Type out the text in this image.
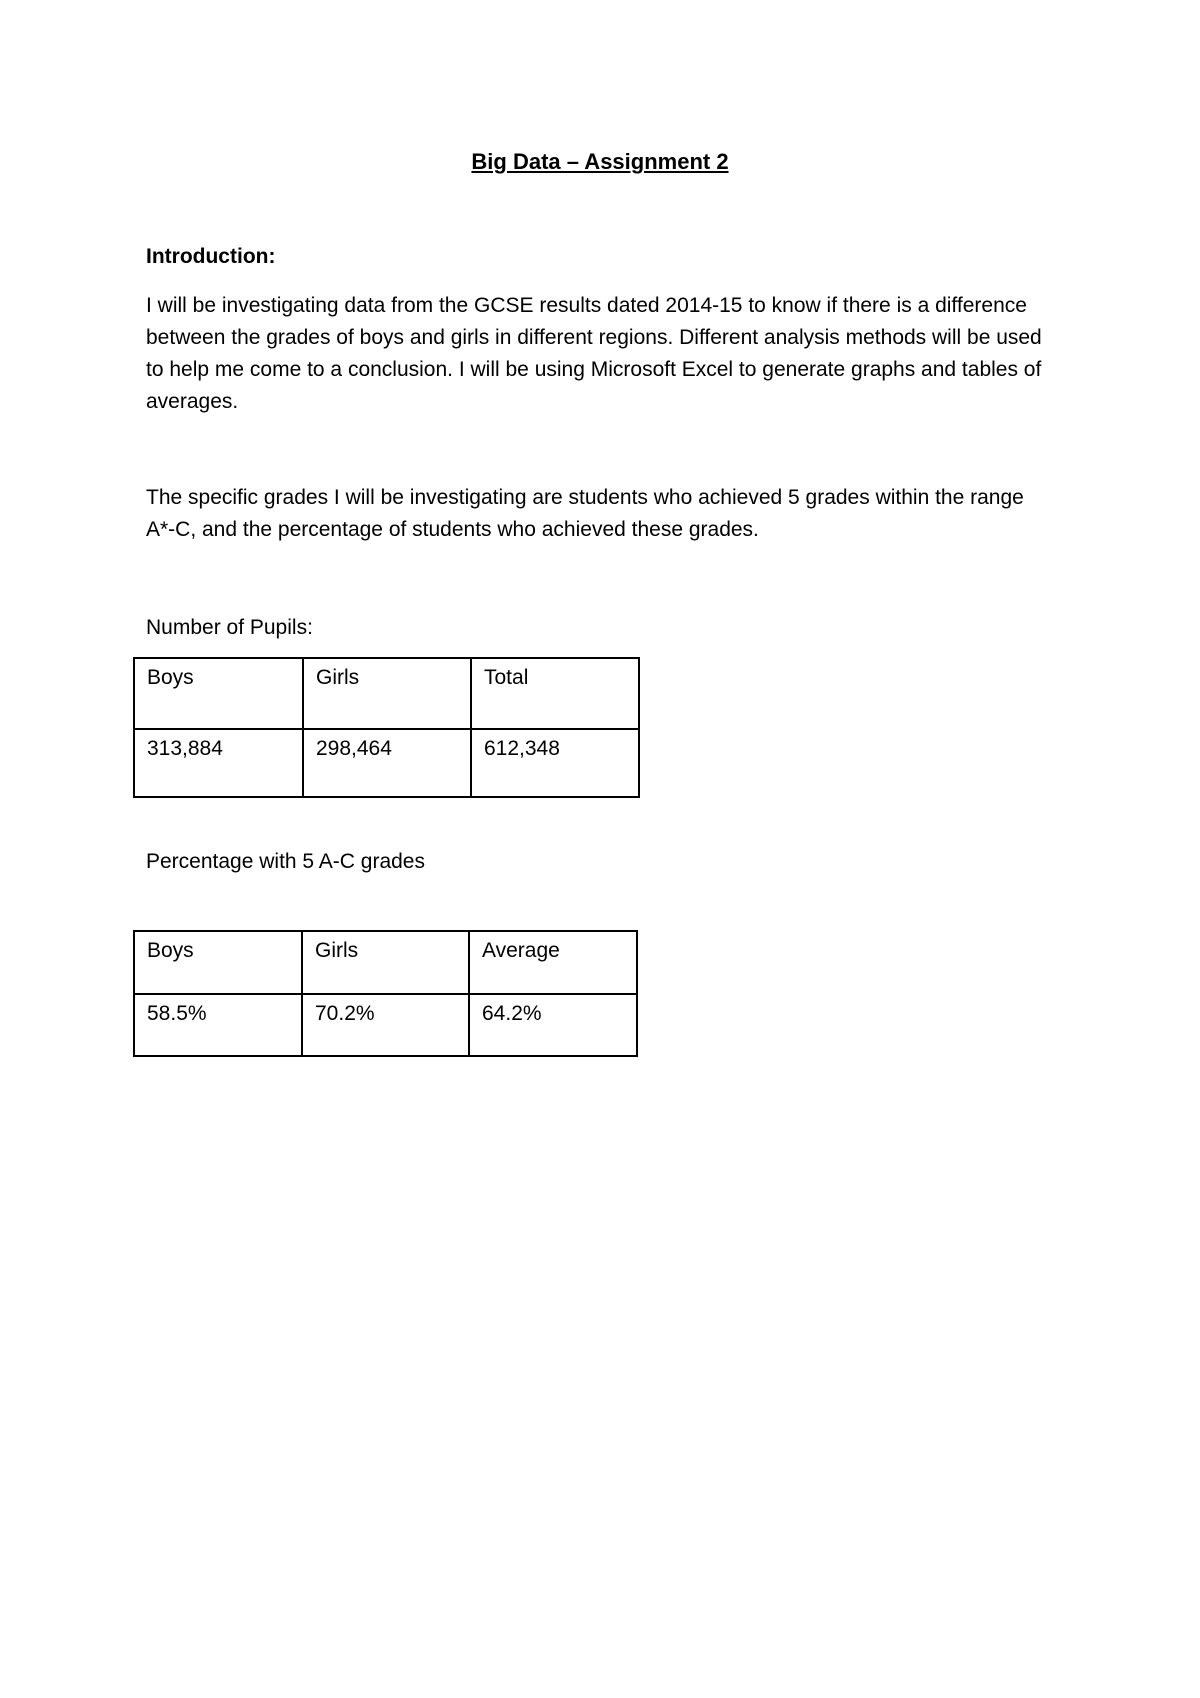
Big Data – Assignment 2

Introduction:

I will be investigating data from the GCSE results dated 2014-15 to know if there is a difference between the grades of boys and girls in different regions. Different analysis methods will be used to help me come to a conclusion. I will be using Microsoft Excel to generate graphs and tables of averages.

The specific grades I will be investigating are students who achieved 5 grades within the range A*-C, and the percentage of students who achieved these grades.

Number of Pupils:

Boys	Girls	Total
313,884	298,464	612,348

Percentage with 5 A-C grades

Boys	Girls	Average
58.5%	70.2%	64.2%
